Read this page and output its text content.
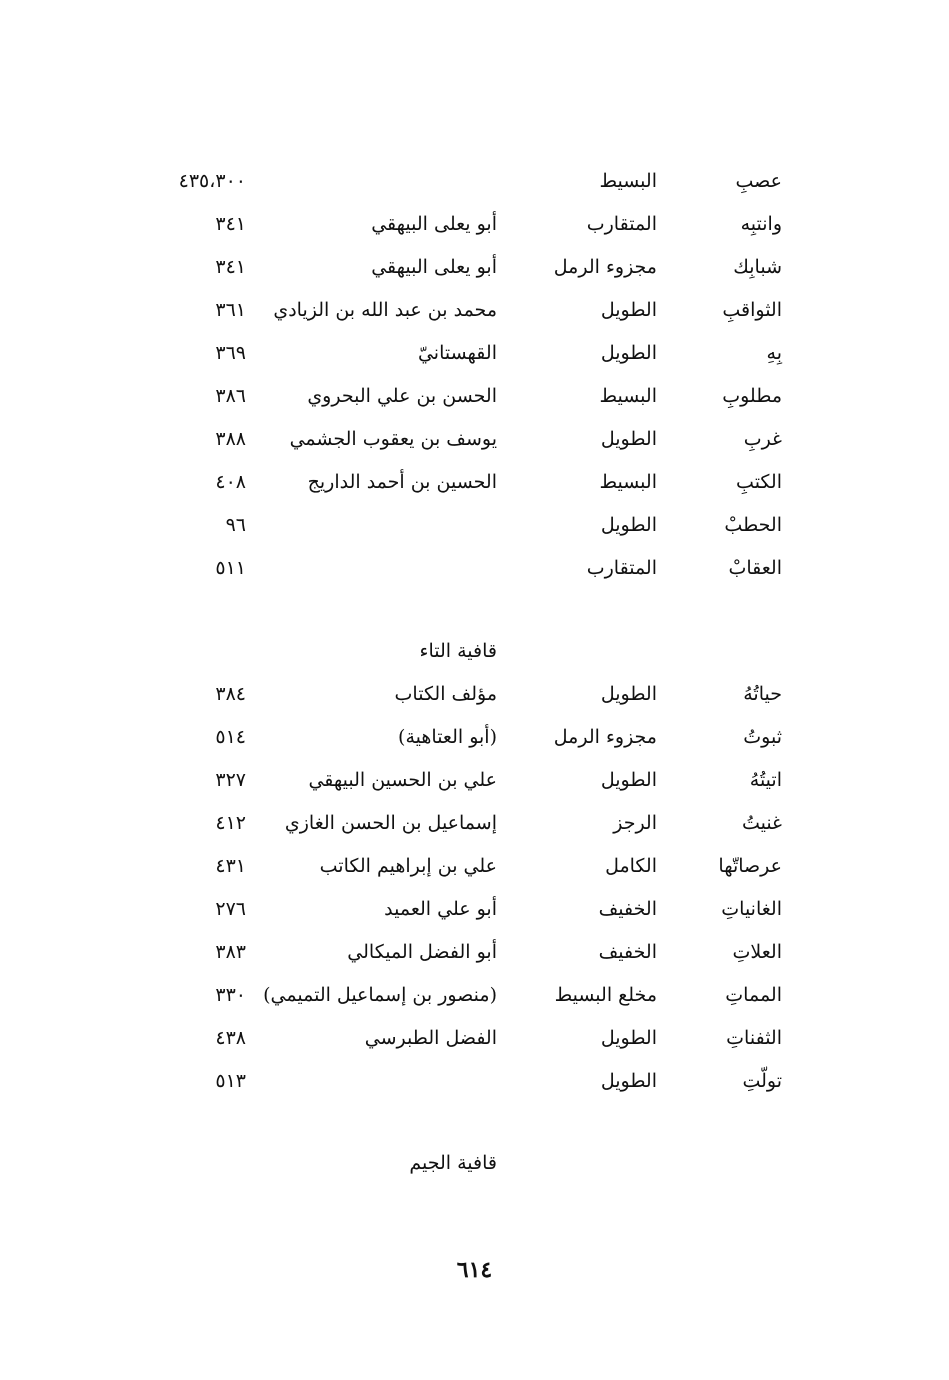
عصبِ
البسيط
٤٣٥،٣٠٠
وانتبِه
المتقارب
أبو يعلى البيهقي
٣٤١
شبابِك
مجزوء الرمل
أبو يعلى البيهقي
٣٤١
الثواقبِ
الطويل
محمد بن عبد الله بن الزيادي
٣٦١
بِهِ
الطويل
القهستانيّ
٣٦٩
مطلوبِ
البسيط
الحسن بن علي البحروي
٣٨٦
غربِ
الطويل
يوسف بن يعقوب الجشمي
٣٨٨
الكتبِ
البسيط
الحسين بن أحمد الداريج
٤٠٨
الحطبْ
الطويل
٩٦
العقابْ
المتقارب
٥١١
قافية التاء
حياتُهُ
الطويل
مؤلف الكتاب
٣٨٤
ثبوتُ
مجزوء الرمل
(أبو العتاهية)
٥١٤
اتيتُهُ
الطويل
علي بن الحسين البيهقي
٣٢٧
غنيتُ
الرجز
إسماعيل بن الحسن الغازي
٤١٢
عرصاتّها
الكامل
علي بن إبراهيم الكاتب
٤٣١
الغانياتِ
الخفيف
أبو علي العميد
٢٧٦
العلاتِ
الخفيف
أبو الفضل الميكالي
٣٨٣
المماتِ
مخلع البسيط
(منصور بن إسماعيل التميمي)
٣٣٠
الثفناتِ
الطويل
الفضل الطبرسي
٤٣٨
تولّتِ
الطويل
٥١٣
قافية الجيم
٦١٤
